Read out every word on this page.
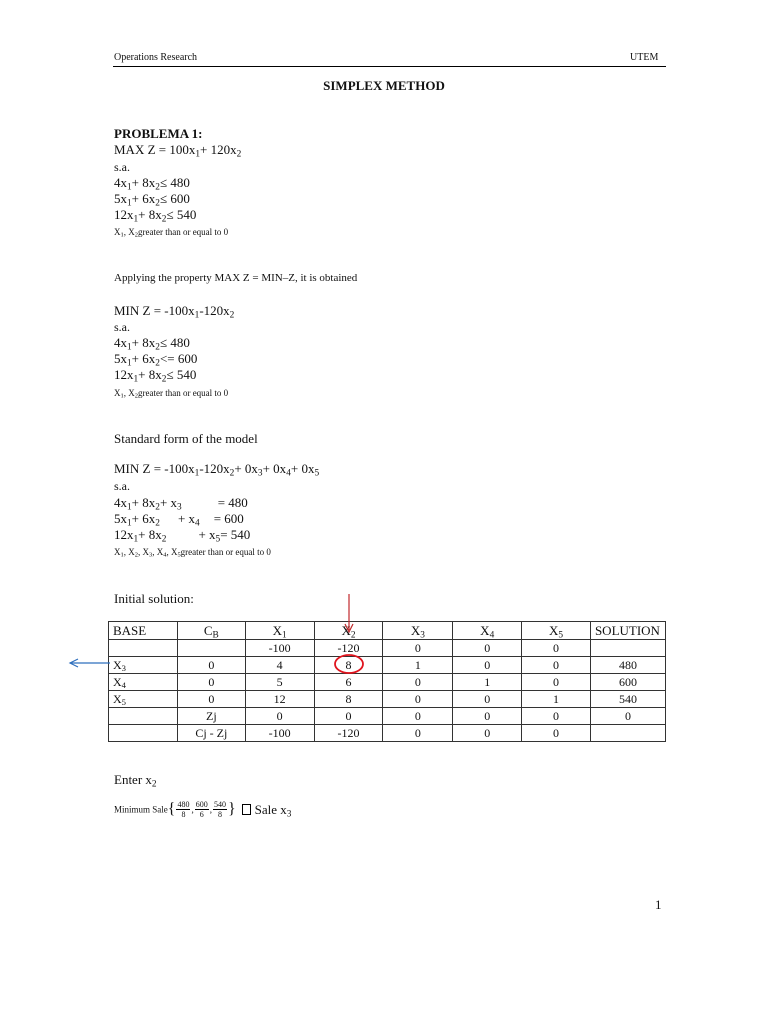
Operations Research	UTEM
SIMPLEX METHOD
PROBLEMA 1:
MAX $Z = 100x_1+ 120x_2$
s.a.
$4x_1+ 8x_2\le 480$
$5x_1+ 6x_2\le 600$
$12x_1+ 8x_2\le 540$
$X_1$, $X_2greater$ than or equal to 0
Applying the property MAX Z = MIN–Z, it is obtained
MIN $Z = -100x_1-120x_2$
s.a.
$4x_1+ 8x_2\le 480$
$5x_1+ 6x_2<= 600$
$12x_1+ 8x_2\le 540$
$X_1$, $X_2greater$ than or equal to 0
Standard form of the model
MIN $Z = -100x_1-120x_2+ 0x_3+ 0x_4+ 0x_5$
s.a.
$4x_1+ 8x_2+ x_3$	= 480
$5x_1+ 6x_2 + x_4 = 600$
$12x_1+ 8x_2 + x_5= 540$
$X_1$, $X_2$, $X_3$, $X_4$, $X_5greater$ than or equal to 0
Initial solution:
BASE	$C_B$	$X_1$	$X_2$	$X_3$	$X_4$	$X_5$	SOLUTION
		-100	-120	0	0	0	
$X_3$	0	4	8	1	0	0	480
$X_4$	0	5	6	0	1	0	600
$X_5$	0	12	8	0	0	1	540
	Zj	0	0	0	0	0	0
	Cj - Zj	-100	-120	0	0	0	
Enter $x_2$
Minimum Sale{ $\frac{480}{8}$ , $\frac{600}{6}$ , $\frac{540}{8}$ } Sale $x_3$
1
